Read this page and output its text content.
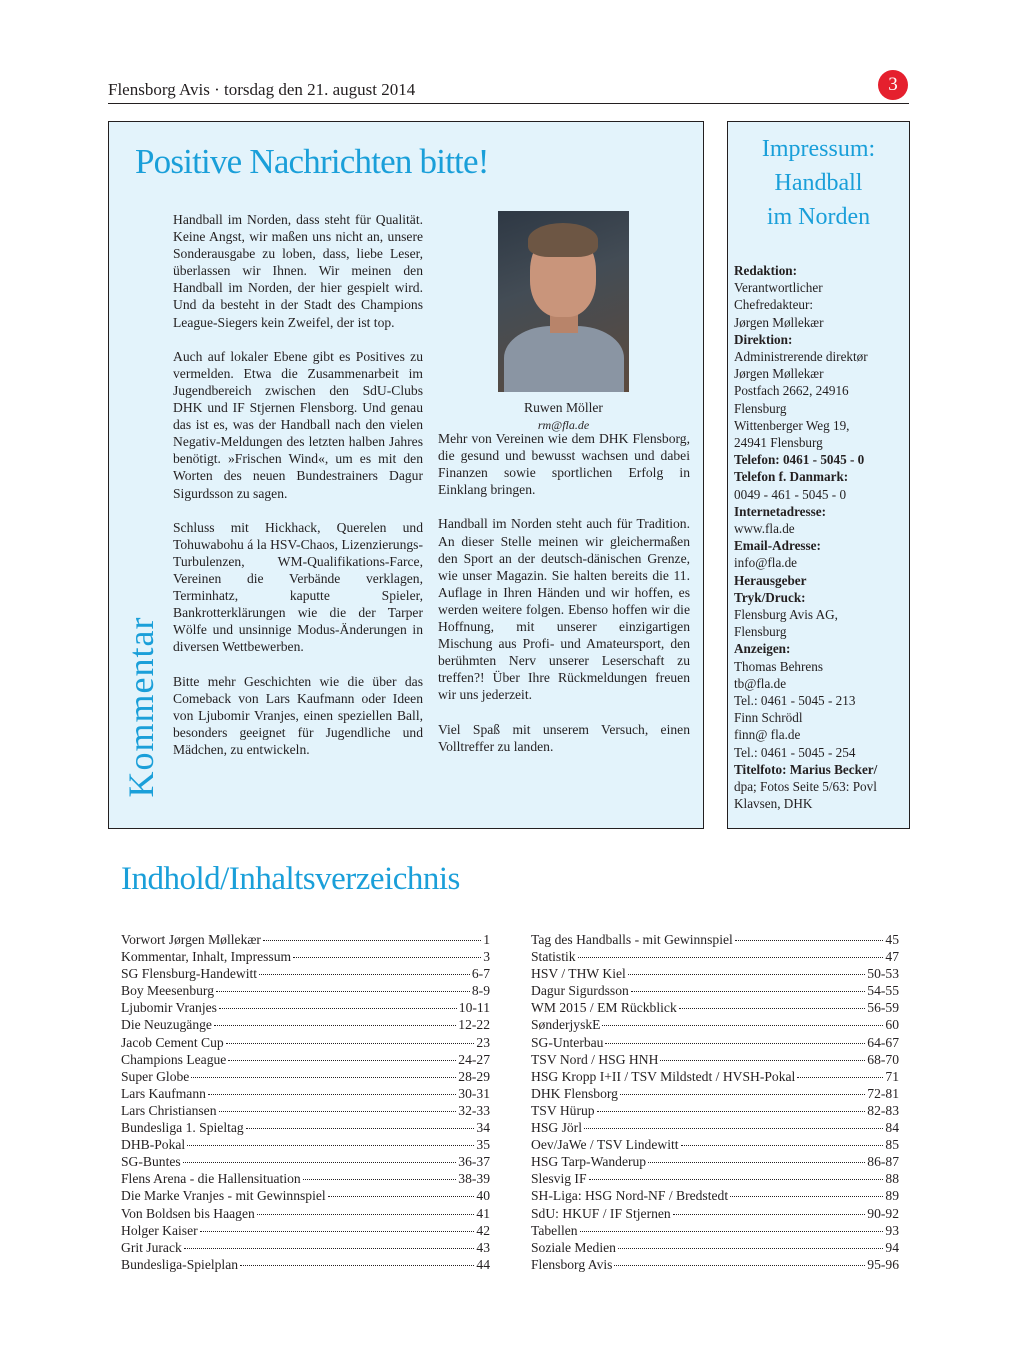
Flensborg Avis · torsdag den 21. august 2014	3
Positive Nachrichten bitte!
Kommentar

Handball im Norden, dass steht für Qualität. Keine Angst, wir maßen uns nicht an, unsere Sonderausgabe zu loben, dass, liebe Leser, überlassen wir Ihnen. Wir meinen den Handball im Norden, der hier gespielt wird. Und da besteht in der Stadt des Champions League-Siegers kein Zweifel, der ist top.

Auch auf lokaler Ebene gibt es Positives zu vermelden. Etwa die Zusammenarbeit im Jugendbereich zwischen den SdU-Clubs DHK und IF Stjernen Flensborg. Und genau das ist es, was der Handball nach den vielen Negativ-Meldungen des letzten halben Jahres benötigt. »Frischen Wind«, um es mit den Worten des neuen Bundestrainers Dagur Sigurdsson zu sagen.

Schluss mit Hickhack, Querelen und Tohuwabohu á la HSV-Chaos, Lizenzierungs-Turbulenzen, WM-Qualifikations-Farce, Vereinen die Verbände verklagen, Terminhatz, kaputte Spieler, Bankrotterklärungen wie die der Tarper Wölfe und unsinnige Modus-Änderungen in diversen Wettbewerben.

Bitte mehr Geschichten wie die über das Comeback von Lars Kaufmann oder Ideen von Ljubomir Vranjes, einen speziellen Ball, besonders geeignet für Jugendliche und Mädchen, zu entwickeln.

Ruwen Möller
rm@fla.de

Mehr von Vereinen wie dem DHK Flensborg, die gesund und bewusst wachsen und dabei Finanzen sowie sportlichen Erfolg in Einklang bringen.

Handball im Norden steht auch für Tradition. An dieser Stelle meinen wir gleichermaßen den Sport an der deutsch-dänischen Grenze, wie unser Magazin. Sie halten bereits die 11. Auflage in Ihren Händen und wir hoffen, es werden weitere folgen. Ebenso hoffen wir die Hoffnung, mit unserer einzigartigen Mischung aus Profi- und Amateursport, den berühmten Nerv unserer Leserschaft zu treffen?! Über Ihre Rückmeldungen freuen wir uns jederzeit.

Viel Spaß mit unserem Versuch, einen Volltreffer zu landen.

Impressum:
Handball
im Norden
Redaktion:
Verantwortlicher
Chefredakteur:
Jørgen Møllekær
Direktion:
Administrerende direktør
Jørgen Møllekær
Postfach 2662, 24916
Flensburg
Wittenberger Weg 19,
24941 Flensburg
Telefon: 0461 - 5045 - 0
Telefon f. Danmark:
0049 - 461 - 5045 - 0
Internetadresse:
www.fla.de
Email-Adresse:
info@fla.de
Herausgeber
Tryk/Druck:
Flensburg Avis AG,
Flensburg
Anzeigen:
Thomas Behrens
tb@fla.de
Tel.: 0461 - 5045 - 213
Finn Schrödl
finn@ fla.de
Tel.: 0461 - 5045 - 254
Titelfoto: Marius Becker/
dpa; Fotos Seite 5/63: Povl
Klavsen, DHK
Indhold/Inhaltsverzeichnis
Vorwort Jørgen Møllekær	1
Kommentar, Inhalt, Impressum	3
SG Flensburg-Handewitt	6-7
Boy Meesenburg	8-9
Ljubomir Vranjes	10-11
Die Neuzugänge	12-22
Jacob Cement Cup	23
Champions League	24-27
Super Globe	28-29
Lars Kaufmann	30-31
Lars Christiansen	32-33
Bundesliga 1. Spieltag	34
DHB-Pokal	35
SG-Buntes	36-37
Flens Arena - die Hallensituation	38-39
Die Marke Vranjes - mit Gewinnspiel	40
Von Boldsen bis Haagen	41
Holger Kaiser	42
Grit Jurack	43
Bundesliga-Spielplan	44
Tag des Handballs - mit Gewinnspiel	45
Statistik	47
HSV / THW Kiel	50-53
Dagur Sigurdsson	54-55
WM 2015 / EM Rückblick	56-59
SønderjyskE	60
SG-Unterbau	64-67
TSV Nord / HSG HNH	68-70
HSG Kropp I+II / TSV Mildstedt / HVSH-Pokal	71
DHK Flensborg	72-81
TSV Hürup	82-83
HSG Jörl	84
Oev/JaWe / TSV Lindewitt	85
HSG Tarp-Wanderup	86-87
Slesvig IF	88
SH-Liga: HSG Nord-NF / Bredstedt	89
SdU: HKUF / IF Stjernen	90-92
Tabellen	93
Soziale Medien	94
Flensborg Avis	95-96
